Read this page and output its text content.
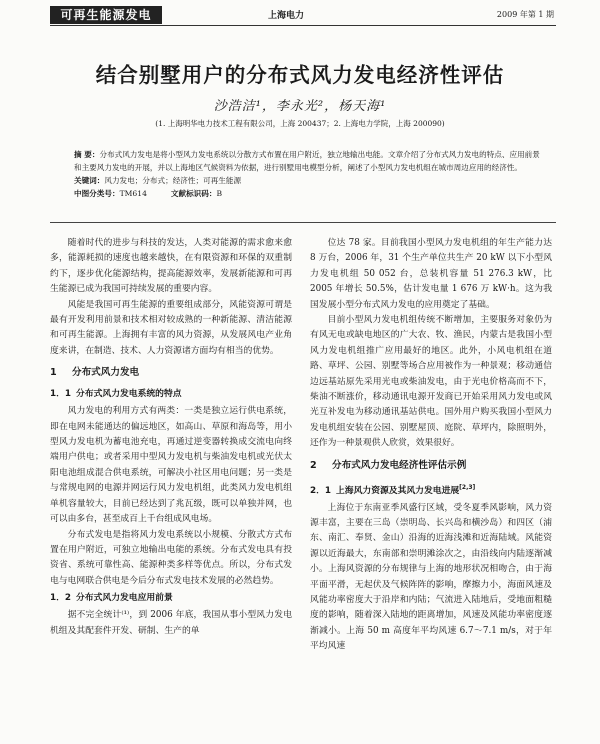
可再生能源发电	上海电力	2009 年第 1 期
结合别墅用户的分布式风力发电经济性评估
沙浩洁¹，李永光²，杨天海¹
(1. 上海明华电力技术工程有限公司，上海 200437；2. 上海电力学院，上海 200090)

摘 要：分布式风力发电是将小型风力发电系统以分散方式布置在用户附近，独立地输出电能。文章介绍了分布式风力发电的特点、应用前景和主要风力发电的开展，并以上海地区气候资料为依据，进行别墅用电模型分析，阐述了小型风力发电机组在城市周边应用的经济性。

关键词：风力发电；分布式；经济性；可再生能源

中图分类号：TM614	文献标识码：B

随着时代的进步与科技的发达，人类对能源的需求愈来愈多，能源耗损的速度也越来越快，在有限资源和环保的双重制约下，逐步优化能源结构，提高能源效率，发展新能源和可再生能源已成为我国可持续发展的重要内容。

风能是我国可再生能源的重要组成部分，风能资源可谓是最有开发利用前景和技术相对较成熟的一种新能源、清洁能源和可再生能源。上海拥有丰富的风力资源，从发展风电产业角度来讲，在制造、技术、人力资源诸方面均有相当的优势。

1 分布式风力发电
1．1 分布式风力发电系统的特点

风力发电的利用方式有两类：一类是独立运行供电系统，即在电网未能通达的偏远地区，如高山、草原和海岛等，用小型风力发电机为蓄电池充电，再通过逆变器转换成交流电向终端用户供电；或者采用中型风力发电机与柴油发电机或光伏太阳电池组成混合供电系统，可解决小社区用电问题；另一类是与常规电网的电源并网运行风力发电机组，此类风力发电机组单机容量较大，目前已经达到了兆瓦级，既可以单独并网，也可以由多台，甚至成百上千台组成风电场。

分布式发电是指将风力发电系统以小规模、分散式方式布置在用户附近，可独立地输出电能的系统。分布式发电具有投资省、系统可靠性高、能源种类多样等优点。所以，分布式发电与电网联合供电是今后分布式发电技术发展的必然趋势。

1．2 分布式风力发电应用前景

据不完全统计⁽¹⁾，到 2006 年底，我国从事小型风力发电机组及其配套件开发、研制、生产的单

位达 78 家。目前我国小型风力发电机组的年生产能力达 8 万台，2006 年，31 个生产单位共生产 20 kW 以下小型风力发电机组 50 052 台，总装机容量 51 276.3 kW，比 2005 年增长 50.5%，估计发电量 1 676 万 kW·h。这为我国发展小型分布式风力发电的应用奠定了基础。

目前小型风力发电机组传统不断增加，主要服务对象仍为有风无电或缺电地区的广大农、牧、渔民，内蒙古是我国小型风力发电机组推广应用最好的地区。此外，小风电机组在道路、草坪、公园、别墅等场合应用被作为一种景观；移动通信边远基站原先采用光电或柴油发电，由于光电价格高而不下，柴油不断涨价，移动通讯电源开发商已开始采用风力发电或风光互补发电为移动通讯基站供电。国外用户购买我国小型风力发电机组安装在公园、别墅屋顶、庭院、草坪内，除照明外，还作为一种景观供人欣赏，效果很好。

2 分布式风力发电经济性评估示例
2．1 上海风力资源及其风力发电进展[2,3]

上海位于东南亚季风盛行区域，受冬夏季风影响，风力资源丰富，主要在三岛（崇明岛、长兴岛和横沙岛）和四区（浦东、南汇、奉贤、金山）沿海的近海浅滩和近海陆域。风能资源以近海最大，东南部和崇明滩涂次之，由沿线向内陆逐渐减小。上海风资源的分布规律与上海的地形状况相吻合，由于海平面平滑，无起伏及气候阵阵的影响，摩擦力小，海面风速及风能功率密度大于沿岸和内陆；气流进入陆地后，受地面粗糙度的影响，随着深入陆地的距离增加，风速及风能功率密度逐渐减小。上海 50 m 高度年平均风速 6.7～7.1 m/s，对于年平均风速
